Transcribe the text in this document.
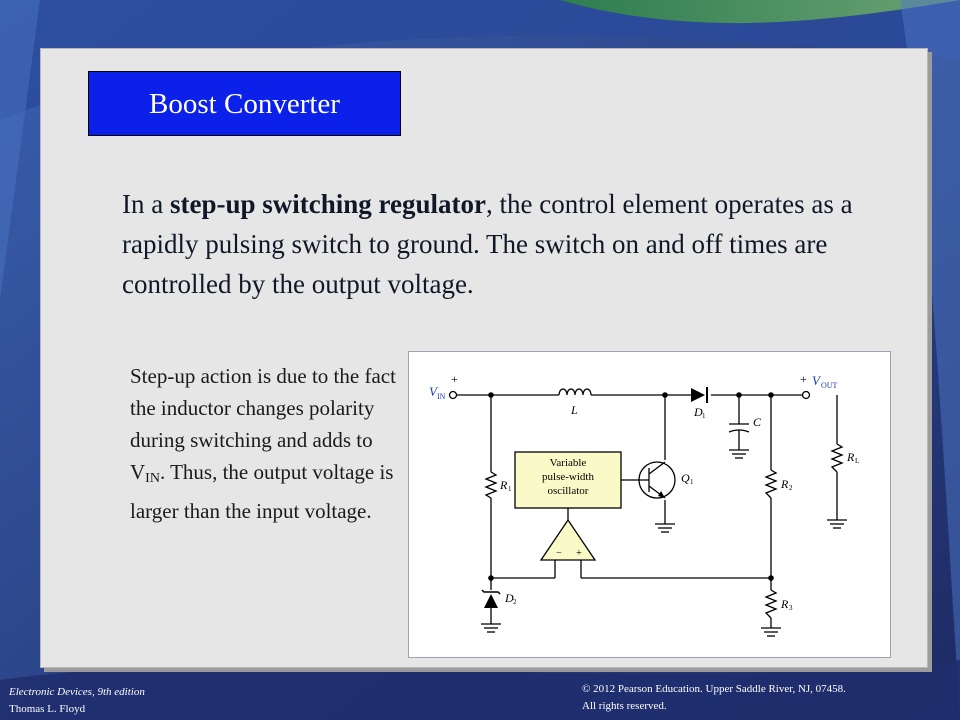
Boost Converter
In a step-up switching regulator, the control element operates as a rapidly pulsing switch to ground. The switch on and off times are controlled by the output voltage.
Step-up action is due to the fact the inductor changes polarity during switching and adds to $V_{IN}$. Thus, the output voltage is larger than the input voltage.
+	+
V
V
IN
OUT
L	D
C
Q
R	R
R
R
D
1
1
1	2
3
L
2
Variable
pulse-width
oscillator
− +
Electronic Devices, 9th edition
Thomas L. Floyd
© 2012 Pearson Education. Upper Saddle River, NJ, 07458.
All rights reserved.
